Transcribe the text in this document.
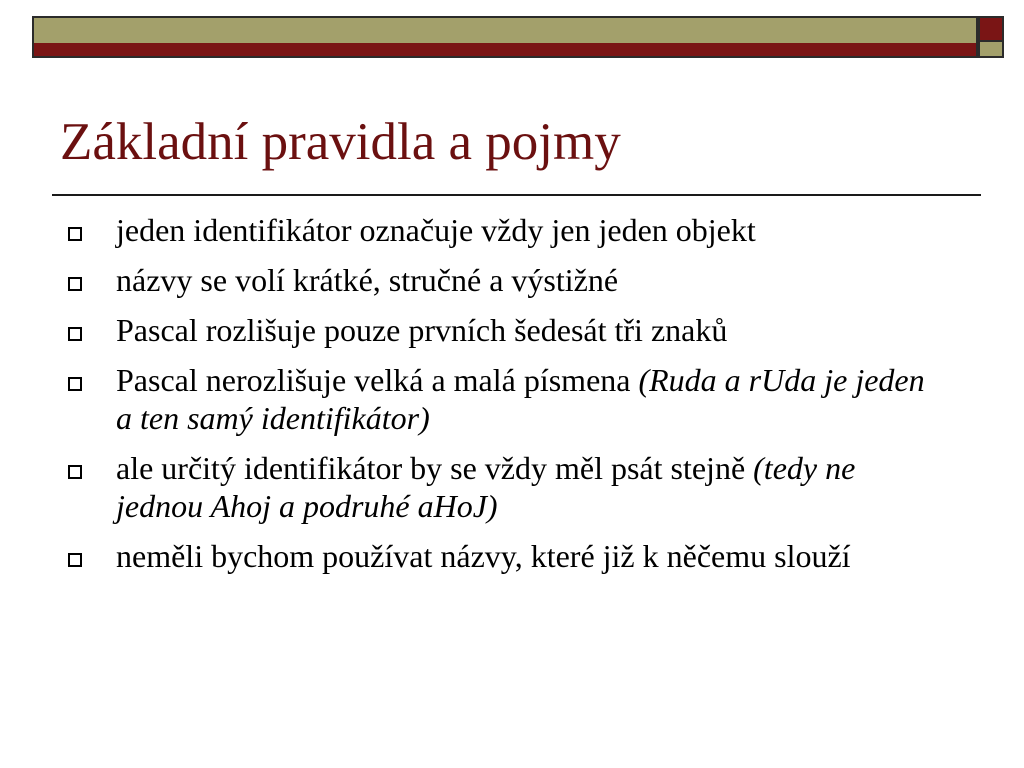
Základní pravidla a pojmy
jeden identifikátor označuje vždy jen jeden objekt
názvy se volí krátké, stručné a výstižné
Pascal rozlišuje pouze prvních šedesát tři znaků
Pascal nerozlišuje velká a malá písmena (Ruda a rUda je jeden a ten samý identifikátor)
ale určitý identifikátor by se vždy měl psát stejně (tedy ne jednou Ahoj a podruhé aHoJ)
neměli bychom používat názvy, které již k něčemu slouží
